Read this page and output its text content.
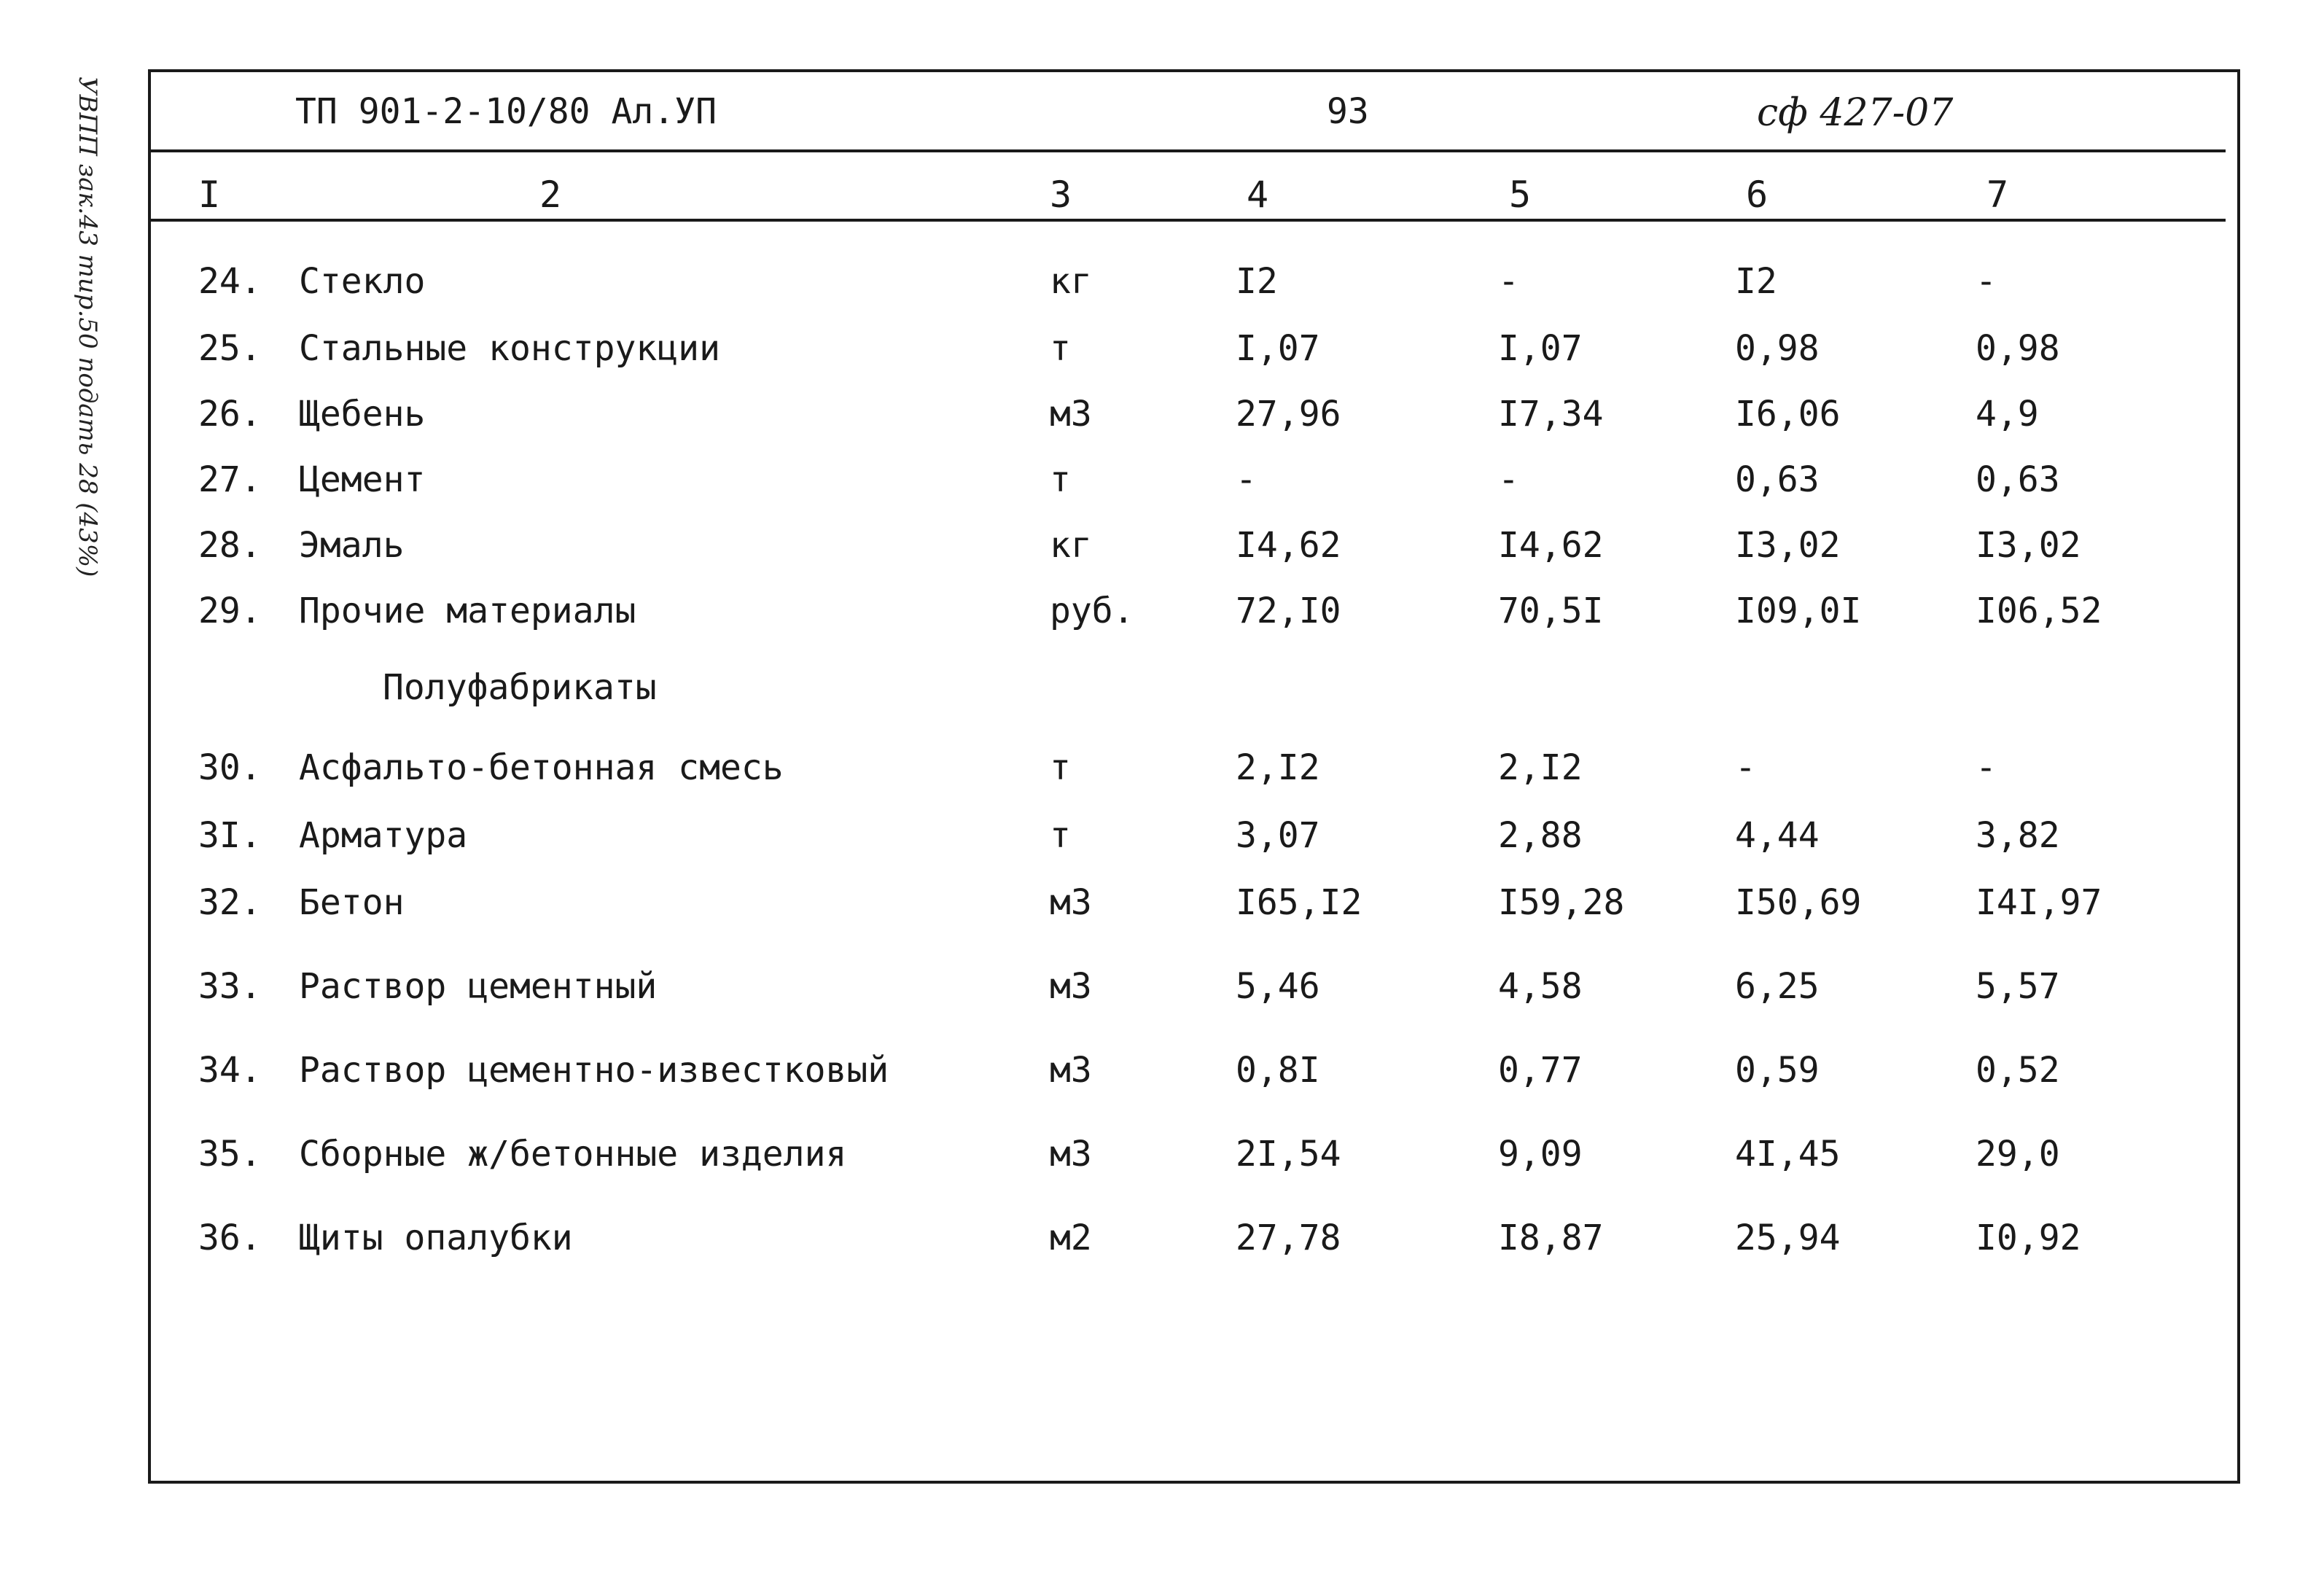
УВПП зак.43 тир.50 подать 28 (43%)	ТП 901-2-10/80 Ал.УП	93	сф 427-07
I	2	3	4	5	6	7
Полуфабрикаты
24. Стекло	кг	I2	-	I2	-
25. Стальные конструкции	т	I,07	I,07	0,98	0,98
26. Щебень	м3	27,96	I7,34	I6,06	4,9
27. Цемент	т	-	-	0,63	0,63
28. Эмаль	кг	I4,62	I4,62	I3,02	I3,02
29. Прочие материалы	руб.	72,I0	70,5I	I09,0I	I06,52
30. Асфальто-бетонная смесь	т	2,I2	2,I2	-	-
3I. Арматура	т	3,07	2,88	4,44	3,82
32. Бетон	м3	I65,I2	I59,28	I50,69	I4I,97
33. Раствор цементный	м3	5,46	4,58	6,25	5,57
34. Раствор цементно-известковый	м3	0,8I	0,77	0,59	0,52
35. Сборные ж/бетонные изделия	м3	2I,54	9,09	4I,45	29,0
36. Щиты опалубки	м2	27,78	I8,87	25,94	I0,92
